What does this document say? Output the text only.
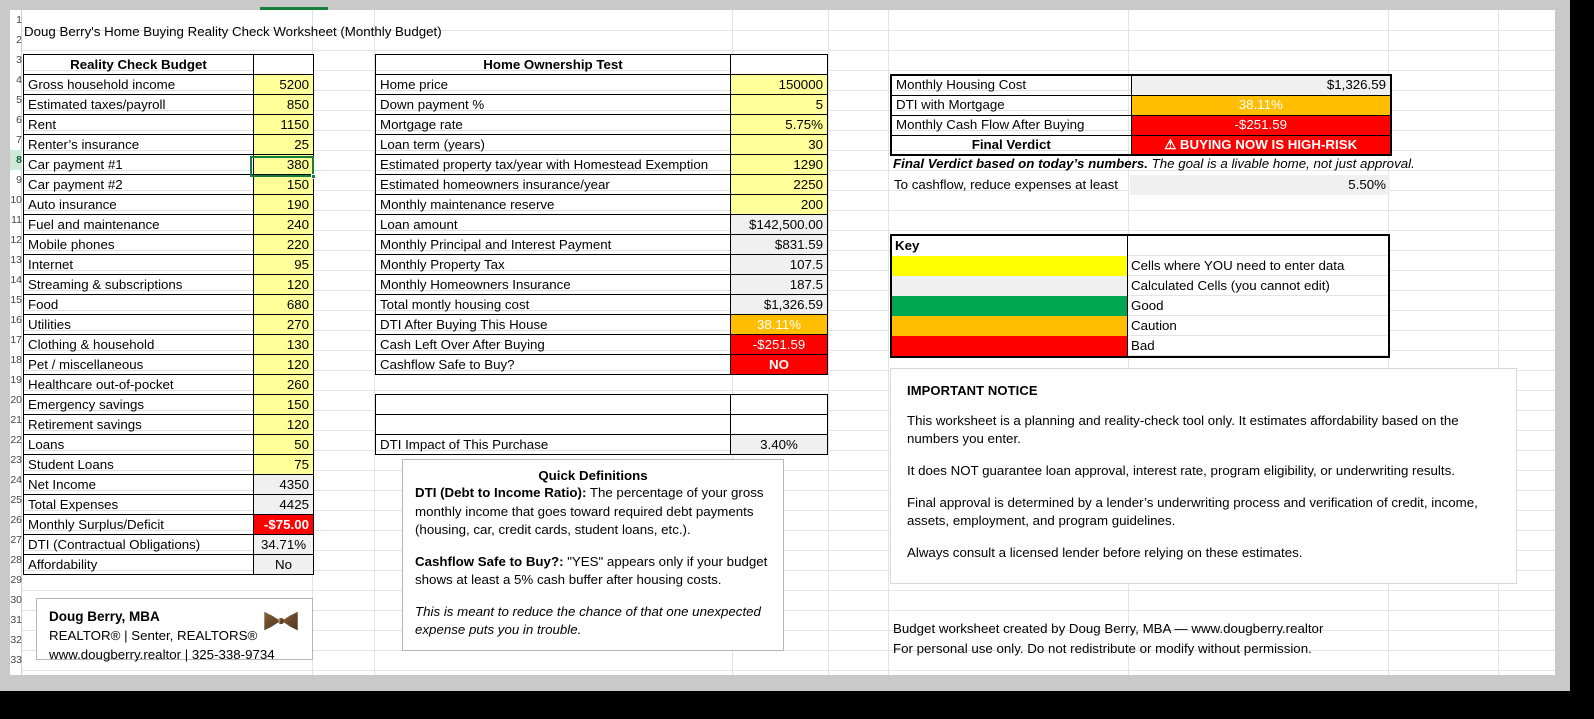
1
2
3
4
5
6
7
8
9
10
11
12
13
14
15
16
17
18
19
20
21
22
23
24
25
26
27
28
29
30
31
32
33
Doug Berry's Home Buying Reality Check Worksheet (Monthly Budget)
Reality Check Budget	
Gross household income	5200
Estimated taxes/payroll	850
Rent	1150
Renter’s insurance	25
Car payment #1	380
Car payment #2	150
Auto insurance	190
Fuel and maintenance	240
Mobile phones	220
Internet	95
Streaming & subscriptions	120
Food	680
Utilities	270
Clothing & household	130
Pet / miscellaneous	120
Healthcare out-of-pocket	260
Emergency savings	150
Retirement savings	120
Loans	50
Student Loans	75
Net Income	4350
Total Expenses	4425
Monthly Surplus/Deficit	-$75.00
DTI (Contractual Obligations)	34.71%
Affordability	No
Home Ownership Test	
Home price	150000
Down payment %	5
Mortgage rate	5.75%
Loan term (years)	30
Estimated property tax/year with Homestead Exemption	1290
Estimated homeowners insurance/year	2250
Monthly maintenance reserve	200
Loan amount	$142,500.00
Monthly Principal and Interest Payment	$831.59
Monthly Property Tax	107.5
Monthly Homeowners Insurance	187.5
Total montly housing cost	$1,326.59
DTI After Buying This House	38.11%
Cash Left Over After Buying	-$251.59
Cashflow Safe to Buy?	NO

DTI Impact of This Purchase	3.40%
Monthly Housing Cost	$1,326.59
DTI with Mortgage	38.11%
Monthly Cash Flow After Buying	-$251.59
Final Verdict	⚠ BUYING NOW IS HIGH-RISK
Final Verdict based on today’s numbers. The goal is a livable home, not just approval.
To cashflow, reduce expenses at least	5.50%
Key
Cells where YOU need to enter data
Calculated Cells (you cannot edit)
Good
Caution
Bad
IMPORTANT NOTICE

This worksheet is a planning and reality-check tool only. It estimates affordability based on the numbers you enter.

It does NOT guarantee loan approval, interest rate, program eligibility, or underwriting results.

Final approval is determined by a lender’s underwriting process and verification of credit, income, assets, employment, and program guidelines.

Always consult a licensed lender before relying on these estimates.

Quick Definitions

DTI (Debt to Income Ratio): The percentage of your gross monthly income that goes toward required debt payments (housing, car, credit cards, student loans, etc.).

Cashflow Safe to Buy?: "YES" appears only if your budget shows at least a 5% cash buffer after housing costs.

This is meant to reduce the chance of that one unexpected expense puts you in trouble.

Doug Berry, MBA
REALTOR® | Senter, REALTORS®
www.dougberry.realtor | 325-338-9734
Budget worksheet created by Doug Berry, MBA — www.dougberry.realtor
For personal use only. Do not redistribute or modify without permission.
